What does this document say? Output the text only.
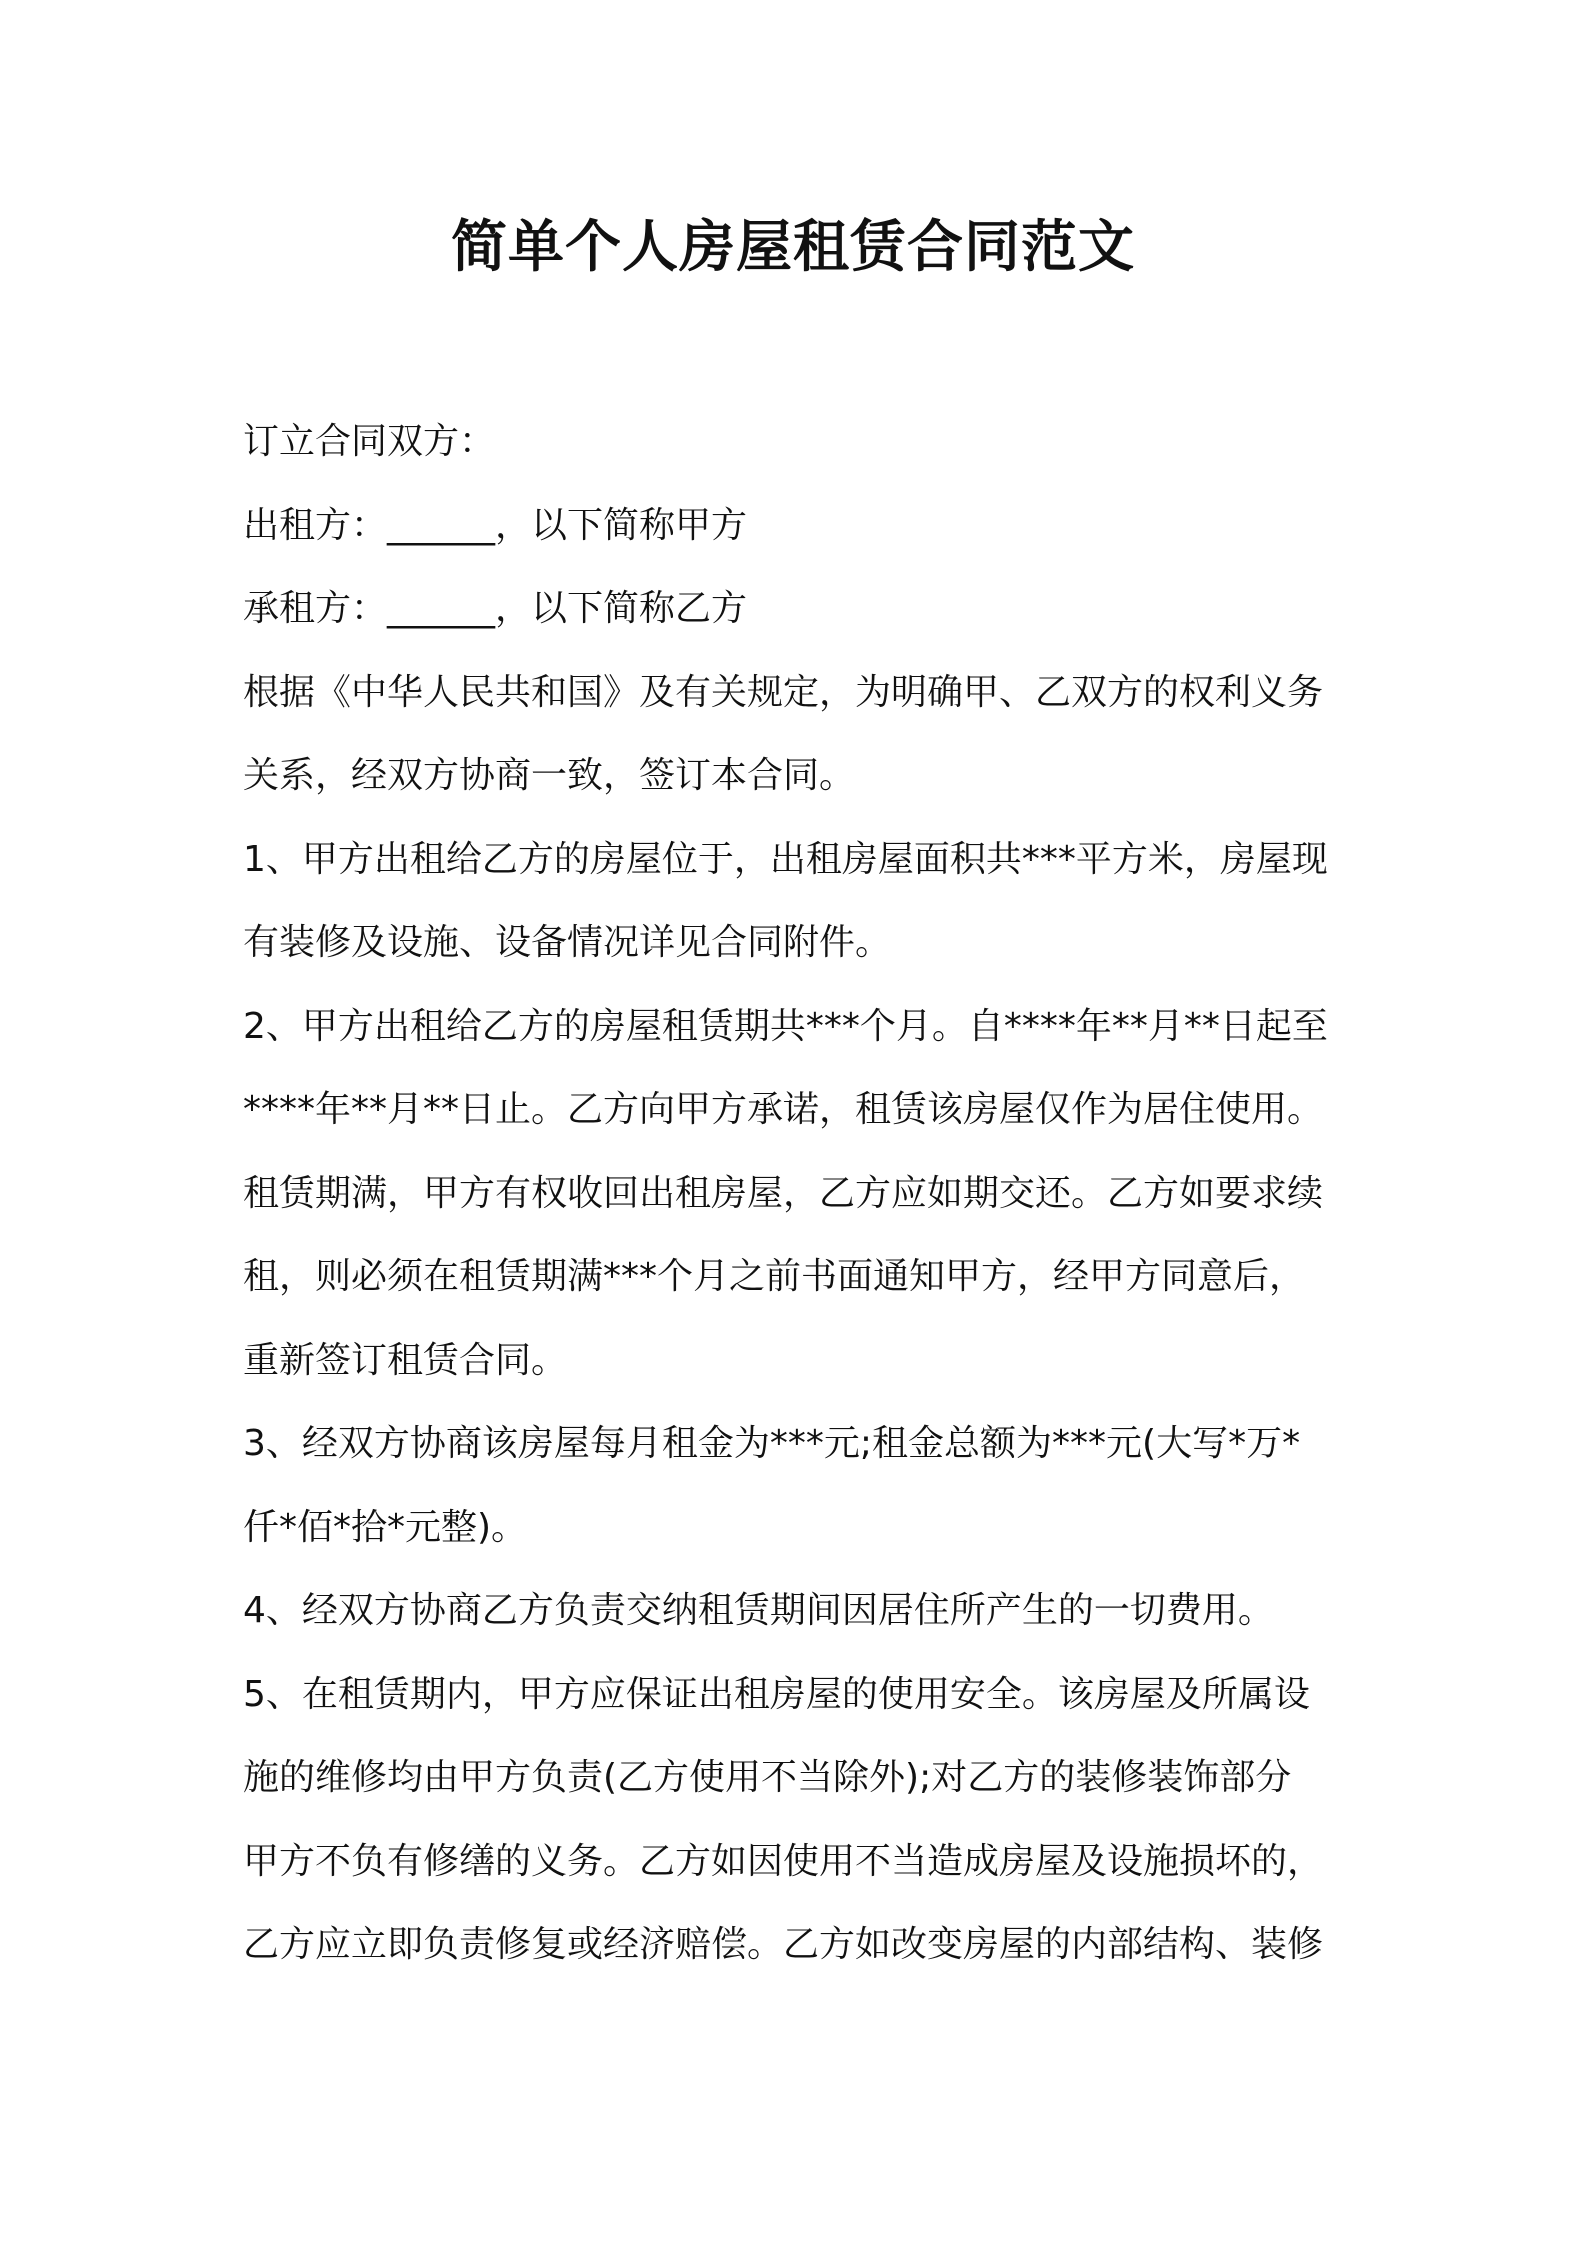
简单个人房屋租赁合同范文

订立合同双方：

出租方：______，以下简称甲方

承租方：______，以下简称乙方

根据《中华人民共和国》及有关规定，为明确甲、乙双方的权利义务

关系，经双方协商一致，签订本合同。

1、甲方出租给乙方的房屋位于，出租房屋面积共***平方米，房屋现

有装修及设施、设备情况详见合同附件。

2、甲方出租给乙方的房屋租赁期共***个月。自****年**月**日起至

****年**月**日止。乙方向甲方承诺，租赁该房屋仅作为居住使用。

租赁期满，甲方有权收回出租房屋，乙方应如期交还。乙方如要求续

租，则必须在租赁期满***个月之前书面通知甲方，经甲方同意后，

重新签订租赁合同。

3、经双方协商该房屋每月租金为***元;租金总额为***元(大写*万*

仟*佰*拾*元整)。

4、经双方协商乙方负责交纳租赁期间因居住所产生的一切费用。

5、在租赁期内，甲方应保证出租房屋的使用安全。该房屋及所属设

施的维修均由甲方负责(乙方使用不当除外);对乙方的装修装饰部分

甲方不负有修缮的义务。乙方如因使用不当造成房屋及设施损坏的，

乙方应立即负责修复或经济赔偿。乙方如改变房屋的内部结构、装修
